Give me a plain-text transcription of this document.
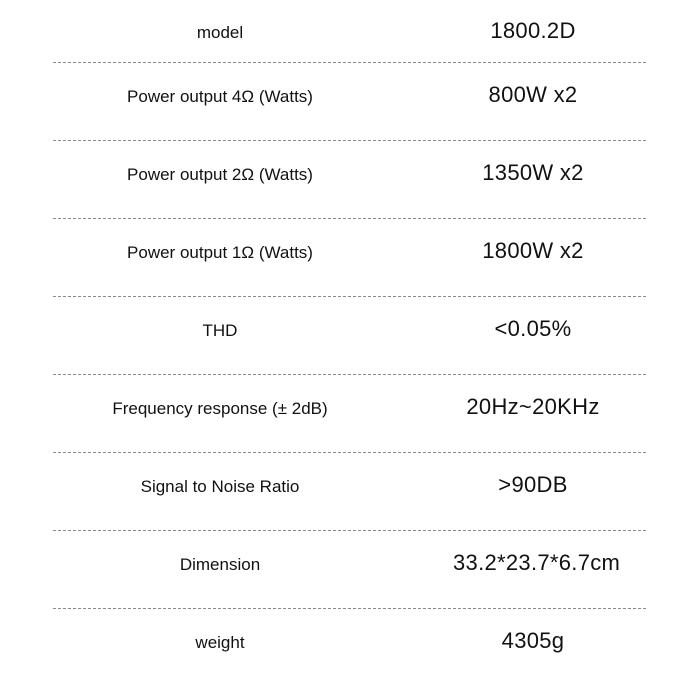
model	1800.2D
Power output 4Ω (Watts)	800W x2
Power output 2Ω (Watts)	1350W x2
Power output 1Ω (Watts)	1800W x2
THD	<0.05%
Frequency response (± 2dB)	20Hz~20KHz
Signal to Noise Ratio	>90DB
Dimension	33.2*23.7*6.7cm
weight	4305g
